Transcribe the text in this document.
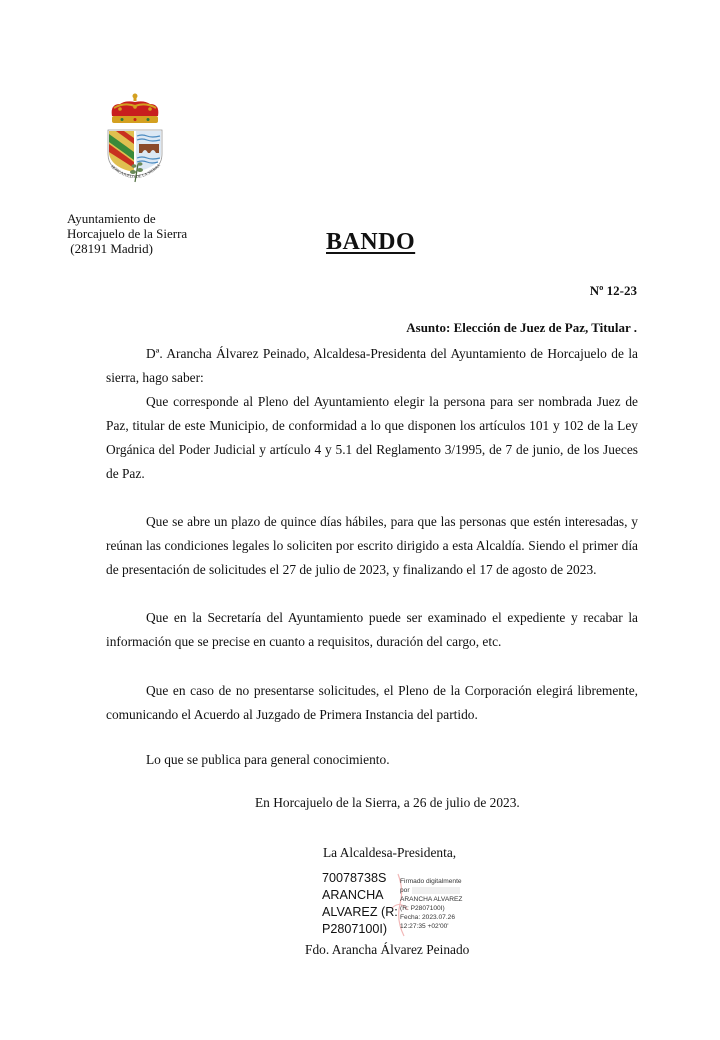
HORCAJUELO DE LA SIERRA
Ayuntamiento de
Horcajuelo de la Sierra
(28191 Madrid)	BANDO
Nº 12-23
Asunto: Elección de Juez de Paz, Titular .

Dª. Arancha Álvarez Peinado, Alcaldesa-Presidenta del Ayuntamiento de Horcajuelo de la sierra, hago saber:

Que corresponde al Pleno del Ayuntamiento elegir la persona para ser nombrada Juez de Paz, titular de este Municipio, de conformidad a lo que disponen los artículos 101 y 102 de la Ley Orgánica del Poder Judicial y artículo 4 y 5.1 del Reglamento 3/1995, de 7 de junio, de los Jueces de Paz.

Que se abre un plazo de quince días hábiles, para que las personas que estén interesadas, y reúnan las condiciones legales lo soliciten por escrito dirigido a esta Alcaldía. Siendo el primer día de presentación de solicitudes el 27 de julio de 2023, y finalizando el 17 de agosto de 2023.

Que en la Secretaría del Ayuntamiento puede ser examinado el expediente y recabar la información que se precise en cuanto a requisitos, duración del cargo, etc.

Que en caso de no presentarse solicitudes, el Pleno de la Corporación elegirá libremente, comunicando el Acuerdo al Juzgado de Primera Instancia del partido.

Lo que se publica para general conocimiento.

En Horcajuelo de la Sierra, a 26 de julio de 2023.
La Alcaldesa-Presidenta,
70078738S
ARANCHA
ALVAREZ (R:
P2807100I)
Firmado digitalmente
por
ARANCHA ALVAREZ
(R: P2807100I)
Fecha: 2023.07.26
12:27:35 +02'00'
Fdo. Arancha Álvarez Peinado
